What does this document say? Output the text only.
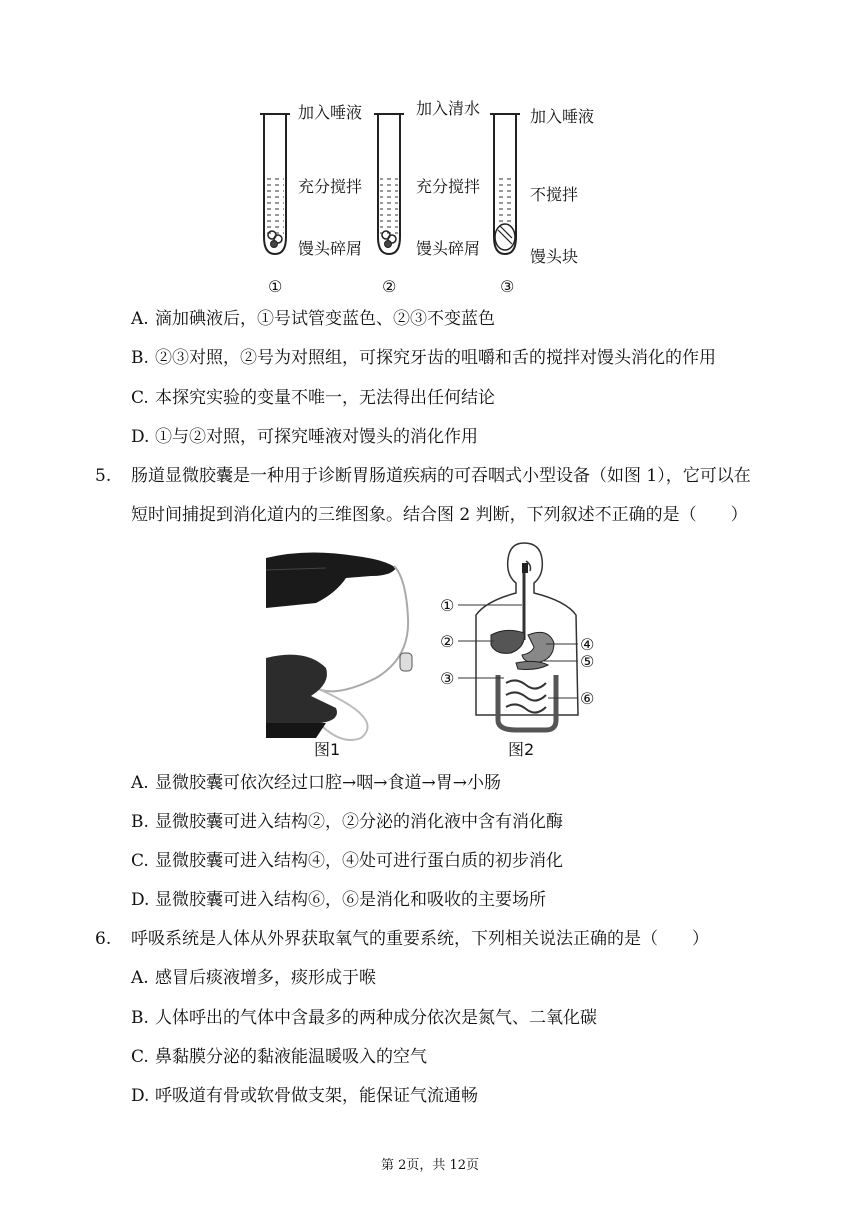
加入唾液
充分搅拌
馒头碎屑
加入清水
充分搅拌
馒头碎屑
加入唾液
不搅拌
馒头块
①	②	③
A. 滴加碘液后，①号试管变蓝色、②③不变蓝色
B. ②③对照，②号为对照组，可探究牙齿的咀嚼和舌的搅拌对馒头消化的作用
C. 本探究实验的变量不唯一，无法得出任何结论
D. ①与②对照，可探究唾液对馒头的消化作用
5. 肠道显微胶囊是一种用于诊断胃肠道疾病的可吞咽式小型设备（如图 1），它可以在
短时间捕捉到消化道内的三维图象。结合图 2 判断，下列叙述不正确的是（　　）
图1
①
②
③
④
⑤
⑥
图2
A. 显微胶囊可依次经过口腔→咽→食道→胃→小肠
B. 显微胶囊可进入结构②，②分泌的消化液中含有消化酶
C. 显微胶囊可进入结构④，④处可进行蛋白质的初步消化
D. 显微胶囊可进入结构⑥，⑥是消化和吸收的主要场所
6. 呼吸系统是人体从外界获取氧气的重要系统，下列相关说法正确的是（　　）
A. 感冒后痰液增多，痰形成于喉
B. 人体呼出的气体中含最多的两种成分依次是氮气、二氧化碳
C. 鼻黏膜分泌的黏液能温暖吸入的空气
D. 呼吸道有骨或软骨做支架，能保证气流通畅
第 2页，共 12页
